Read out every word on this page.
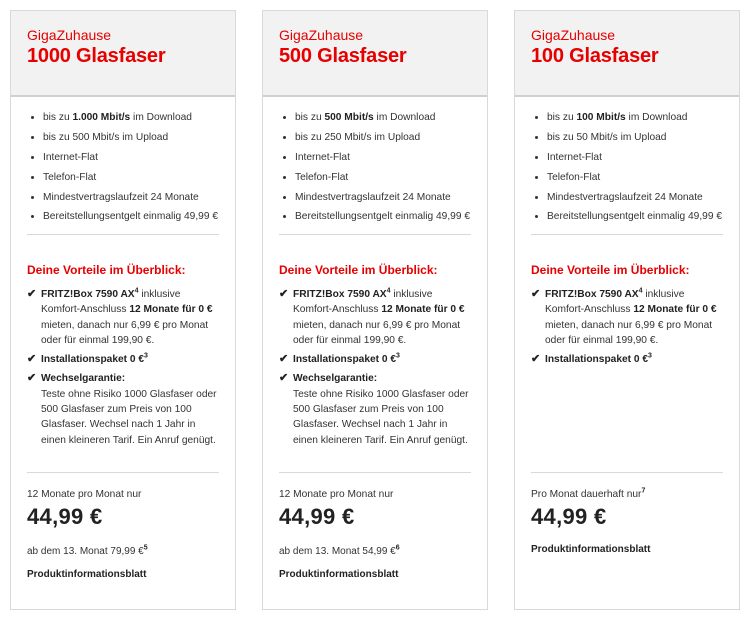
GigaZuhause
1000 Glasfaser
bis zu 1.000 Mbit/s im Download
bis zu 500 Mbit/s im Upload
Internet-Flat
Telefon-Flat
Mindestvertragslaufzeit 24 Monate
Bereitstellungsentgelt einmalig 49,99 €
Deine Vorteile im Überblick:
✔ FRITZ!Box 7590 $AX^4$ inklusive Komfort-Anschluss 12 Monate für 0 € mieten, danach nur 6,99 € pro Monat oder für einmal 199,90 €.
✔ Installationspaket 0 €$^3$
✔ Wechselgarantie:
Teste ohne Risiko 1000 Glasfaser oder 500 Glasfaser zum Preis von 100 Glasfaser. Wechsel nach 1 Jahr in einen kleineren Tarif. Ein Anruf genügt.
12 Monate pro Monat nur
44,99 €
ab dem 13. Monat 79,99 €$^5$
Produktinformationsblatt
GigaZuhause
500 Glasfaser
bis zu 500 Mbit/s im Download
bis zu 250 Mbit/s im Upload
Internet-Flat
Telefon-Flat
Mindestvertragslaufzeit 24 Monate
Bereitstellungsentgelt einmalig 49,99 €
Deine Vorteile im Überblick:
✔ FRITZ!Box 7590 $AX^4$ inklusive Komfort-Anschluss 12 Monate für 0 € mieten, danach nur 6,99 € pro Monat oder für einmal 199,90 €.
✔ Installationspaket 0 €$^3$
✔ Wechselgarantie:
Teste ohne Risiko 1000 Glasfaser oder 500 Glasfaser zum Preis von 100 Glasfaser. Wechsel nach 1 Jahr in einen kleineren Tarif. Ein Anruf genügt.
12 Monate pro Monat nur
44,99 €
ab dem 13. Monat 54,99 €$^6$
Produktinformationsblatt
GigaZuhause
100 Glasfaser
bis zu 100 Mbit/s im Download
bis zu 50 Mbit/s im Upload
Internet-Flat
Telefon-Flat
Mindestvertragslaufzeit 24 Monate
Bereitstellungsentgelt einmalig 49,99 €
Deine Vorteile im Überblick:
✔ FRITZ!Box 7590 $AX^4$ inklusive Komfort-Anschluss 12 Monate für 0 € mieten, danach nur 6,99 € pro Monat oder für einmal 199,90 €.
✔ Installationspaket 0 €$^3$
Pro Monat dauerhaft nur$^7$
44,99 €
Produktinformationsblatt
